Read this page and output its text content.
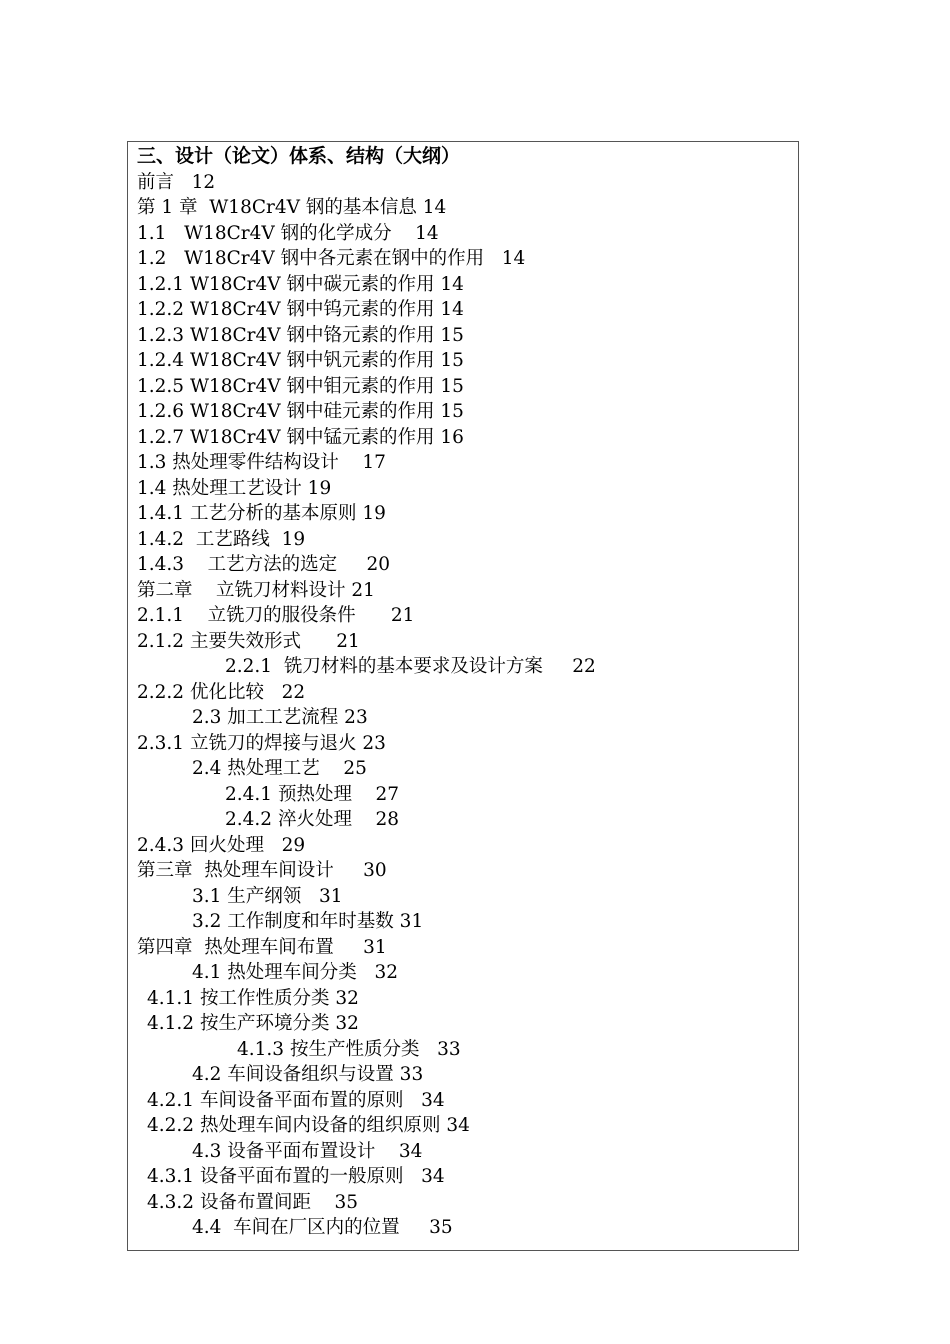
三、设计（论文）体系、结构（大纲）
前言   12
第 1 章  W18Cr4V 钢的基本信息 14
1.1   W18Cr4V 钢的化学成分    14
1.2   W18Cr4V 钢中各元素在钢中的作用   14
1.2.1 W18Cr4V 钢中碳元素的作用 14
1.2.2 W18Cr4V 钢中钨元素的作用 14
1.2.3 W18Cr4V 钢中铬元素的作用 15
1.2.4 W18Cr4V 钢中钒元素的作用 15
1.2.5 W18Cr4V 钢中钼元素的作用 15
1.2.6 W18Cr4V 钢中硅元素的作用 15
1.2.7 W18Cr4V 钢中锰元素的作用 16
1.3 热处理零件结构设计    17
1.4 热处理工艺设计 19
1.4.1 工艺分析的基本原则 19
1.4.2  工艺路线  19
1.4.3    工艺方法的选定     20
第二章    立铣刀材料设计 21
2.1.1    立铣刀的服役条件      21
2.1.2 主要失效形式      21
2.2.1  铣刀材料的基本要求及设计方案     22
2.2.2 优化比较   22
2.3 加工工艺流程 23
2.3.1 立铣刀的焊接与退火 23
2.4 热处理工艺    25
2.4.1 预热处理    27
2.4.2 淬火处理    28
2.4.3 回火处理   29
第三章  热处理车间设计     30
3.1 生产纲领   31
3.2 工作制度和年时基数 31
第四章  热处理车间布置     31
4.1 热处理车间分类   32
4.1.1 按工作性质分类 32
4.1.2 按生产环境分类 32
4.1.3 按生产性质分类   33
4.2 车间设备组织与设置 33
4.2.1 车间设备平面布置的原则   34
4.2.2 热处理车间内设备的组织原则 34
4.3 设备平面布置设计    34
4.3.1 设备平面布置的一般原则   34
4.3.2 设备布置间距    35
4.4  车间在厂区内的位置     35
